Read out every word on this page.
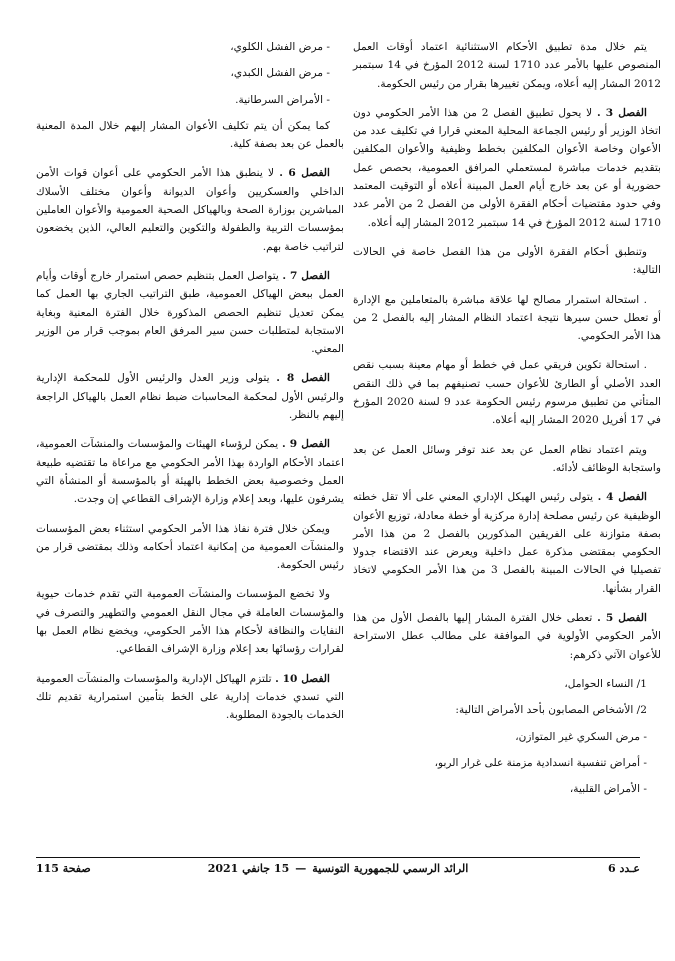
يتم خلال مدة تطبيق الأحكام الاستثنائية اعتماد أوقات العمل المنصوص عليها بالأمر عدد 1710 لسنة 2012 المؤرخ في 14 سبتمبر 2012 المشار إليه أعلاه، ويمكن تغييرها بقرار من رئيس الحكومة.

الفصل 3 . لا يحول تطبيق الفصل 2 من هذا الأمر الحكومي دون اتخاذ الوزير أو رئيس الجماعة المحلية المعني قرارا في تكليف عدد من الأعوان وخاصة الأعوان المكلفين بخطط وظيفية والأعوان المكلفين بتقديم خدمات مباشرة لمستعملي المرافق العمومية، بحصص عمل حضورية أو عن بعد خارج أيام العمل المبينة أعلاه أو التوقيت المعتمد وفي حدود مقتضيات أحكام الفقرة الأولى من الفصل 2 من الأمر عدد 1710 لسنة 2012 المؤرخ في 14 سبتمبر 2012 المشار إليه أعلاه.

وتنطبق أحكام الفقرة الأولى من هذا الفصل خاصة في الحالات التالية:

. استحالة استمرار مصالح لها علاقة مباشرة بالمتعاملين مع الإدارة أو تعطل حسن سيرها نتيجة اعتماد النظام المشار إليه بالفصل 2 من هذا الأمر الحكومي.

. استحالة تكوين فريقي عمل في خطط أو مهام معينة بسبب نقص العدد الأصلي أو الطارئ للأعوان حسب تصنيفهم بما في ذلك النقص المتأتي من تطبيق مرسوم رئيس الحكومة عدد 9 لسنة 2020 المؤرخ في 17 أفريل 2020 المشار إليه أعلاه.

ويتم اعتماد نظام العمل عن بعد عند توفر وسائل العمل عن بعد واستجابة الوظائف لأدائه.

الفصل 4 . يتولى رئيس الهيكل الإداري المعني على ألا تقل خطته الوظيفية عن رئيس مصلحة إدارة مركزية أو خطة معادلة، توزيع الأعوان بصفة متوازنة على الفريقين المذكورين بالفصل 2 من هذا الأمر الحكومي بمقتضى مذكرة عمل داخلية ويعرض عند الاقتضاء جدولا تفصيليا في الحالات المبينة بالفصل 3 من هذا الأمر الحكومي لاتخاذ القرار بشأنها.

الفصل 5 . تعطى خلال الفترة المشار إليها بالفصل الأول من هذا الأمر الحكومي الأولوية في الموافقة على مطالب عطل الاستراحة للأعوان الآتي ذكرهم:

1/ النساء الحوامل،
2/ الأشخاص المصابون بأحد الأمراض التالية:
- مرض السكري غير المتوازن،
- أمراض تنفسية انسدادية مزمنة على غرار الربو،
- الأمراض القلبية،
- مرض الفشل الكلوي،
- مرض الفشل الكبدي،
- الأمراض السرطانية.

كما يمكن أن يتم تكليف الأعوان المشار إليهم خلال المدة المعنية بالعمل عن بعد بصفة كلية.

الفصل 6 . لا ينطبق هذا الأمر الحكومي على أعوان قوات الأمن الداخلي والعسكريين وأعوان الديوانة وأعوان مختلف الأسلاك المباشرين بوزارة الصحة وبالهياكل الصحية العمومية والأعوان العاملين بمؤسسات التربية والطفولة والتكوين والتعليم العالي، الذين يخضعون لتراتيب خاصة بهم.

الفصل 7 . يتواصل العمل بتنظيم حصص استمرار خارج أوقات وأيام العمل ببعض الهياكل العمومية، طبق التراتيب الجاري بها العمل كما يمكن تعديل تنظيم الحصص المذكورة خلال الفترة المعنية وبغاية الاستجابة لمتطلبات حسن سير المرفق العام بموجب قرار من الوزير المعني.

الفصل 8 . يتولى وزير العدل والرئيس الأول للمحكمة الإدارية والرئيس الأول لمحكمة المحاسبات ضبط نظام العمل بالهياكل الراجعة إليهم بالنظر.

الفصل 9 . يمكن لرؤساء الهيئات والمؤسسات والمنشآت العمومية، اعتماد الأحكام الواردة بهذا الأمر الحكومي مع مراعاة ما تقتضيه طبيعة العمل وخصوصية بعض الخطط بالهيئة أو بالمؤسسة أو المنشأة التي يشرفون عليها، وبعد إعلام وزارة الإشراف القطاعي إن وجدت.

ويمكن خلال فترة نفاذ هذا الأمر الحكومي استثناء بعض المؤسسات والمنشآت العمومية من إمكانية اعتماد أحكامه وذلك بمقتضى قرار من رئيس الحكومة.

ولا تخضع المؤسسات والمنشآت العمومية التي تقدم خدمات حيوية والمؤسسات العاملة في مجال النقل العمومي والتطهير والتصرف في النفايات والنظافة لأحكام هذا الأمر الحكومي، ويخضع نظام العمل بها لقرارات رؤسائها بعد إعلام وزارة الإشراف القطاعي.

الفصل 10 . تلتزم الهياكل الإدارية والمؤسسات والمنشآت العمومية التي تسدي خدمات إدارية على الخط بتأمين استمرارية تقديم تلك الخدمات بالجودة المطلوبة.

صفحة 115	الرائد الرسمي للجمهورية التونسية—15 جانفي 2021	عـدد 6
